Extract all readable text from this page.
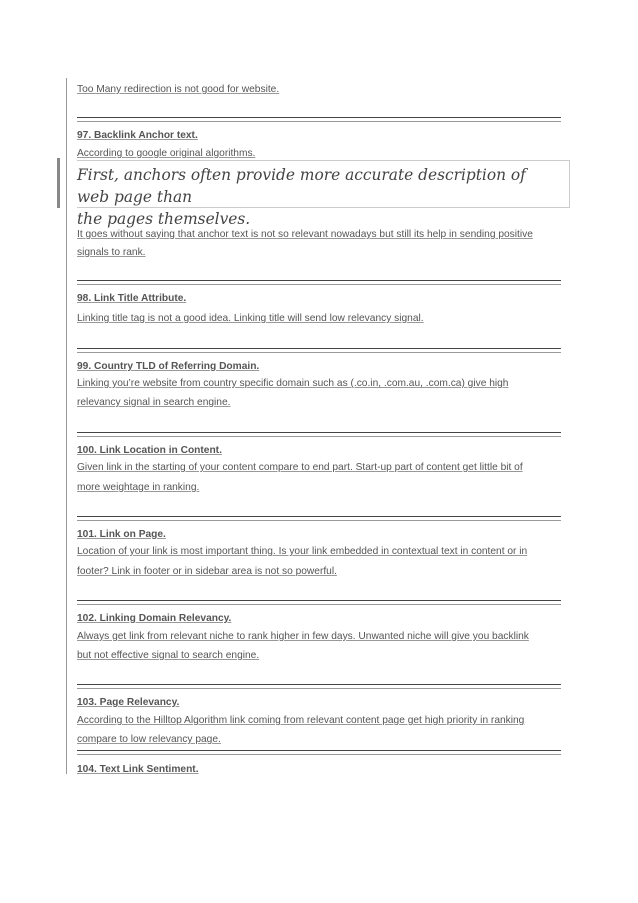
Too Many redirection is not good for website.
97. Backlink Anchor text.
According to google original algorithms.
First, anchors often provide more accurate description of web page than
the pages themselves.
It goes without saying that anchor text is not so relevant nowadays but still its help in sending positive
signals to rank.
98. Link Title Attribute.
Linking title tag is not a good idea. Linking title will send low relevancy signal.
99. Country TLD of Referring Domain.
Linking you’re website from country specific domain such as (.co.in, .com.au, .com.ca) give high
relevancy signal in search engine.
100. Link Location in Content.
Given link in the starting of your content compare to end part. Start-up part of content get little bit of
more weightage in ranking.
101. Link on Page.
Location of your link is most important thing. Is your link embedded in contextual text in content or in
footer? Link in footer or in sidebar area is not so powerful.
102. Linking Domain Relevancy.
Always get link from relevant niche to rank higher in few days. Unwanted niche will give you backlink
but not effective signal to search engine.
103. Page Relevancy.
According to the Hilltop Algorithm link coming from relevant content page get high priority in ranking
compare to low relevancy page.
104. Text Link Sentiment.
